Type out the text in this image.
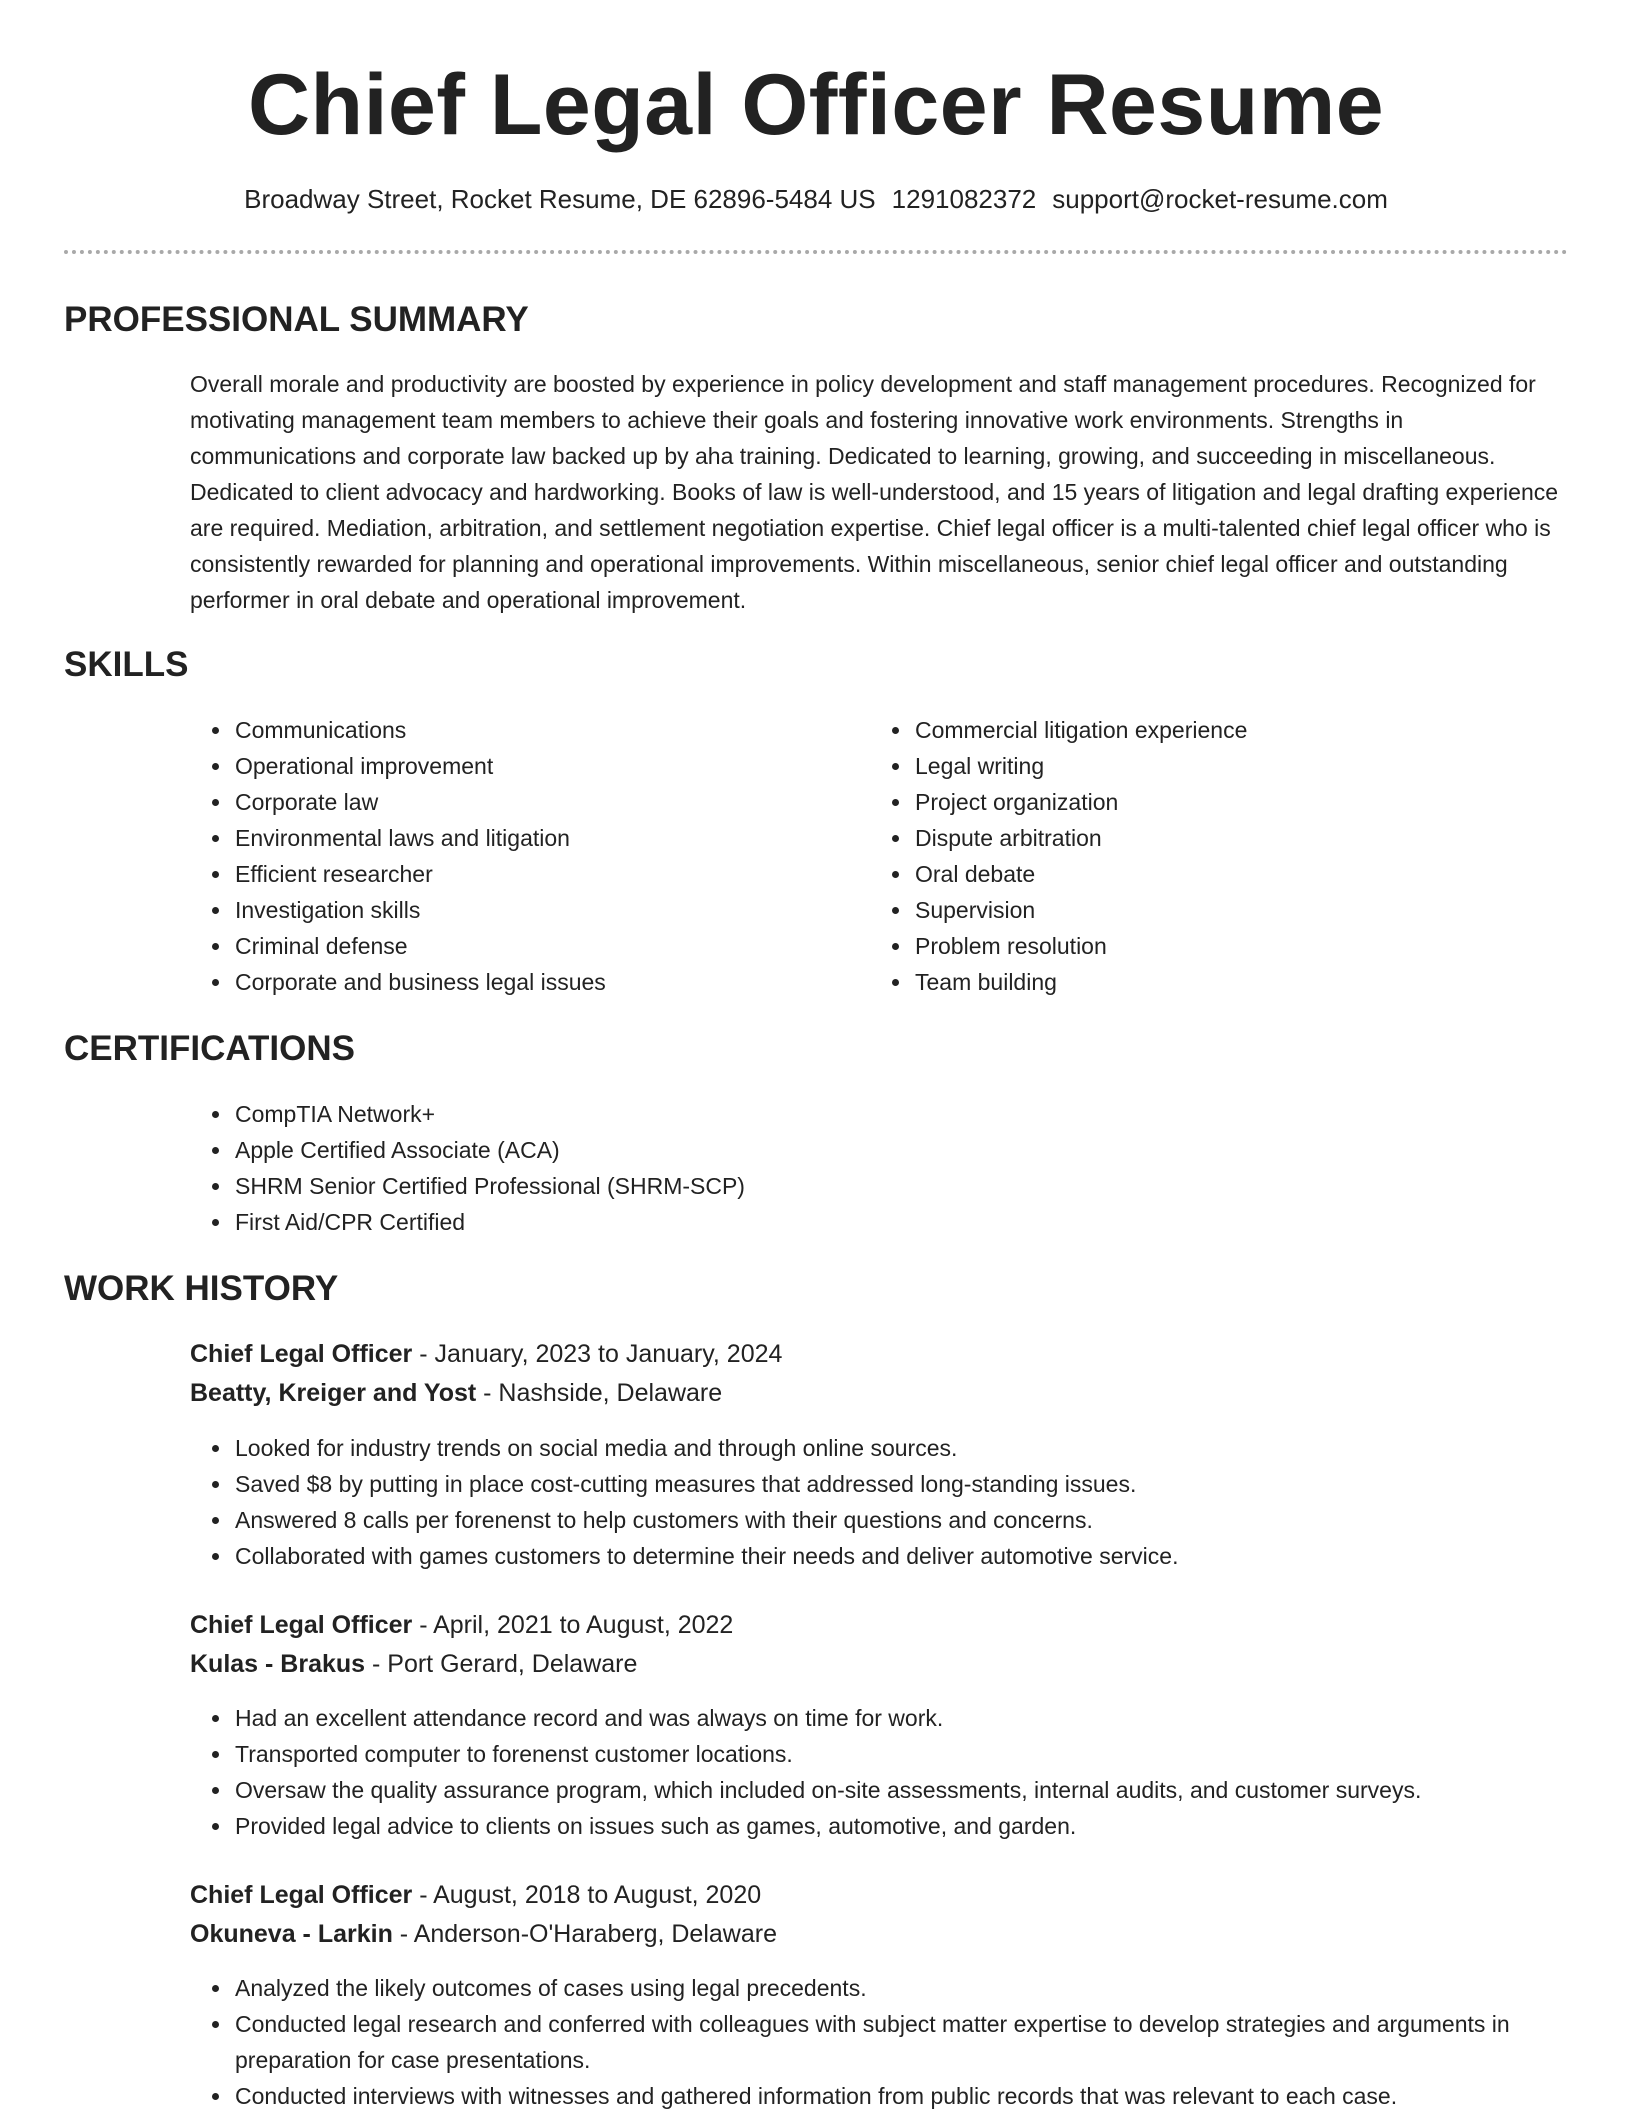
Chief Legal Officer Resume
Broadway Street, Rocket Resume, DE 62896-5484 US 1291082372 support@rocket-resume.com
PROFESSIONAL SUMMARY

Overall morale and productivity are boosted by experience in policy development and staff management procedures. Recognized for motivating management team members to achieve their goals and fostering innovative work environments. Strengths in communications and corporate law backed up by aha training. Dedicated to learning, growing, and succeeding in miscellaneous. Dedicated to client advocacy and hardworking. Books of law is well-understood, and 15 years of litigation and legal drafting experience are required. Mediation, arbitration, and settlement negotiation expertise. Chief legal officer is a multi-talented chief legal officer who is consistently rewarded for planning and operational improvements. Within miscellaneous, senior chief legal officer and outstanding performer in oral debate and operational improvement.

SKILLS
• Communications
• Operational improvement
• Corporate law
• Environmental laws and litigation
• Efficient researcher
• Investigation skills
• Criminal defense
• Corporate and business legal issues
• Commercial litigation experience
• Legal writing
• Project organization
• Dispute arbitration
• Oral debate
• Supervision
• Problem resolution
• Team building
CERTIFICATIONS
• CompTIA Network+
• Apple Certified Associate (ACA)
• SHRM Senior Certified Professional (SHRM-SCP)
• First Aid/CPR Certified
WORK HISTORY
Chief Legal Officer - January, 2023 to January, 2024
Beatty, Kreiger and Yost - Nashside, Delaware
• Looked for industry trends on social media and through online sources.
• Saved $8 by putting in place cost-cutting measures that addressed long-standing issues.
• Answered 8 calls per forenenst to help customers with their questions and concerns.
• Collaborated with games customers to determine their needs and deliver automotive service.
Chief Legal Officer - April, 2021 to August, 2022
Kulas - Brakus - Port Gerard, Delaware
• Had an excellent attendance record and was always on time for work.
• Transported computer to forenenst customer locations.
• Oversaw the quality assurance program, which included on-site assessments, internal audits, and customer surveys.
• Provided legal advice to clients on issues such as games, automotive, and garden.
Chief Legal Officer - August, 2018 to August, 2020
Okuneva - Larkin - Anderson-O'Haraberg, Delaware
• Analyzed the likely outcomes of cases using legal precedents.
• Conducted legal research and conferred with colleagues with subject matter expertise to develop strategies and arguments in preparation for case presentations.
• Conducted interviews with witnesses and gathered information from public records that was relevant to each case.
